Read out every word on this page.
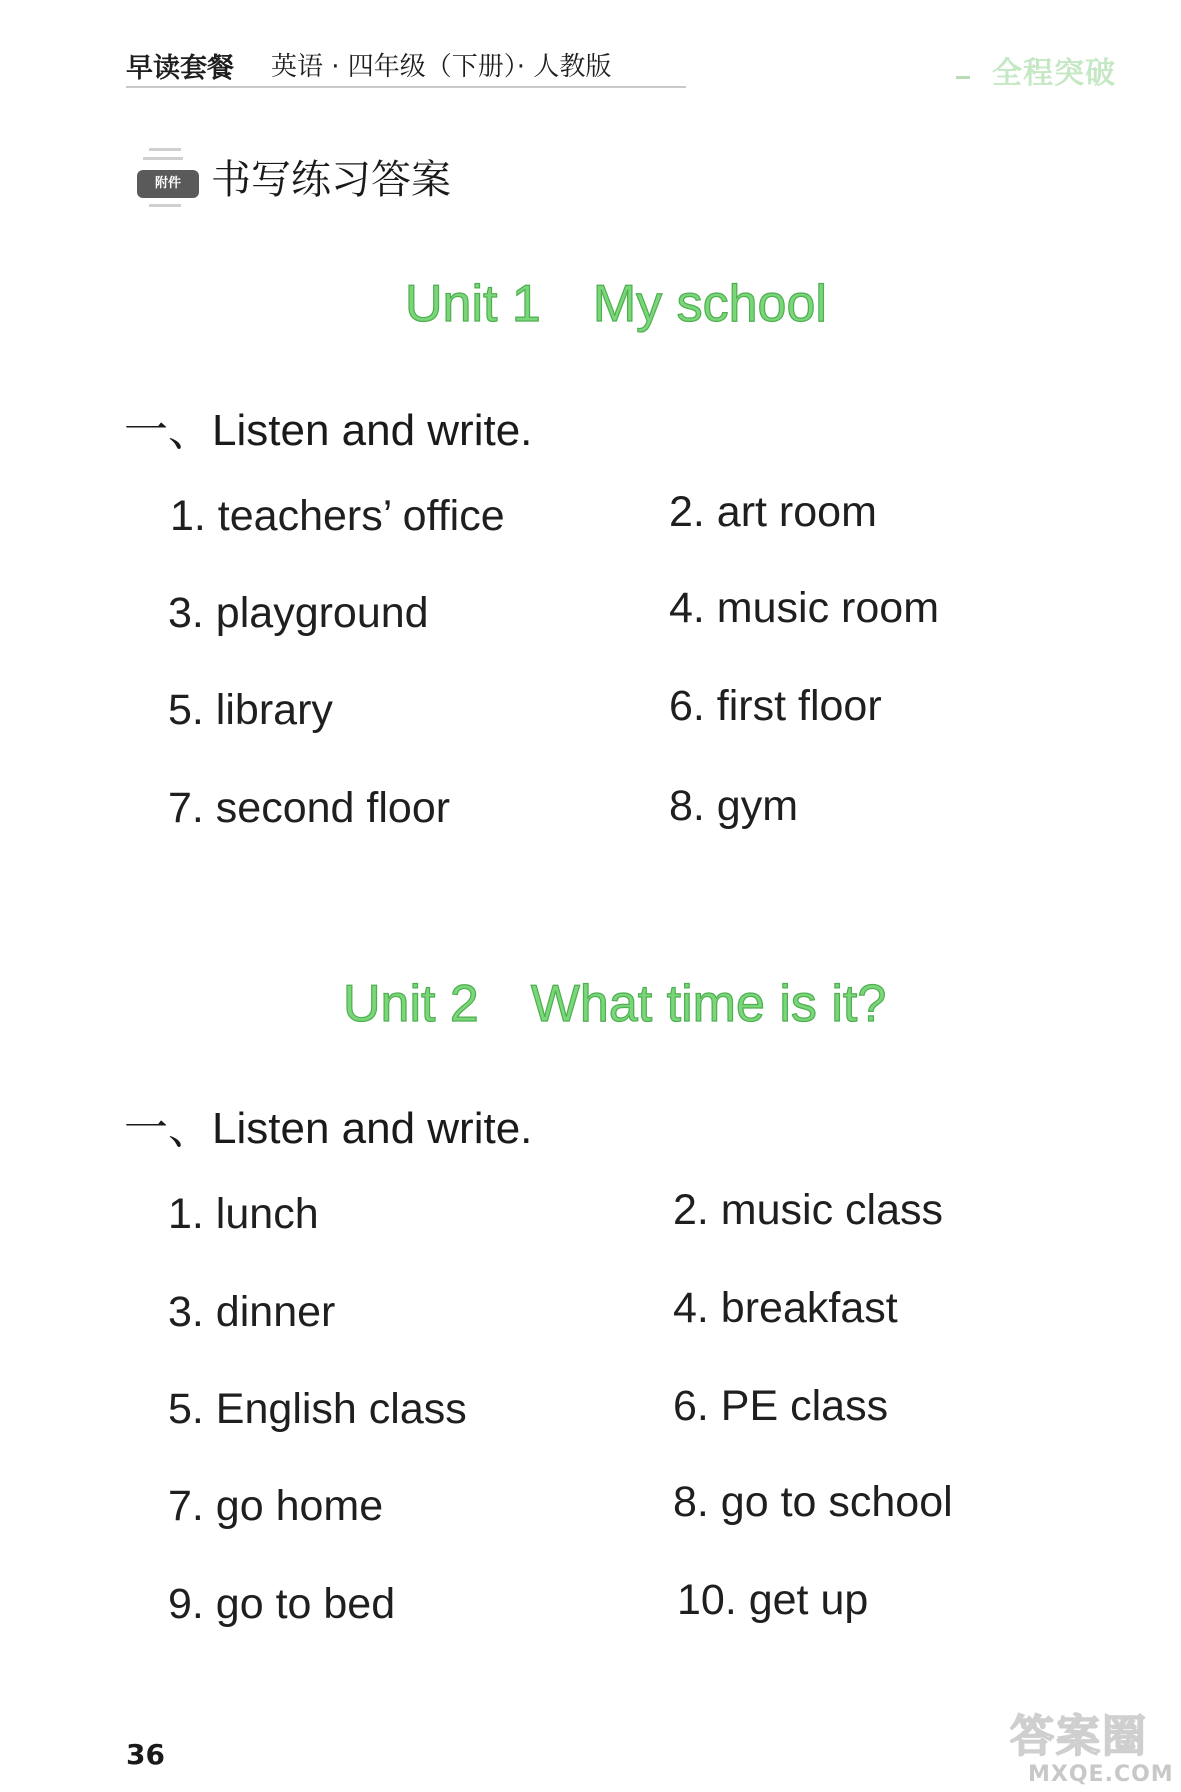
早读套餐 英语 · 四年级（下册）· 人教版	全程突破
附件 书写练习答案
Unit 1 My school
一、Listen and write.
1. teachers’ office	2. art room
3. playground	4. music room
5. library	6. first floor
7. second floor	8. gym
Unit 2 What time is it?
一、Listen and write.
1. lunch	2. music class
3. dinner	4. breakfast
5. English class	6. PE class
7. go home	8. go to school
9. go to bed	10. get up
36	答案圈
MXQE.COM
